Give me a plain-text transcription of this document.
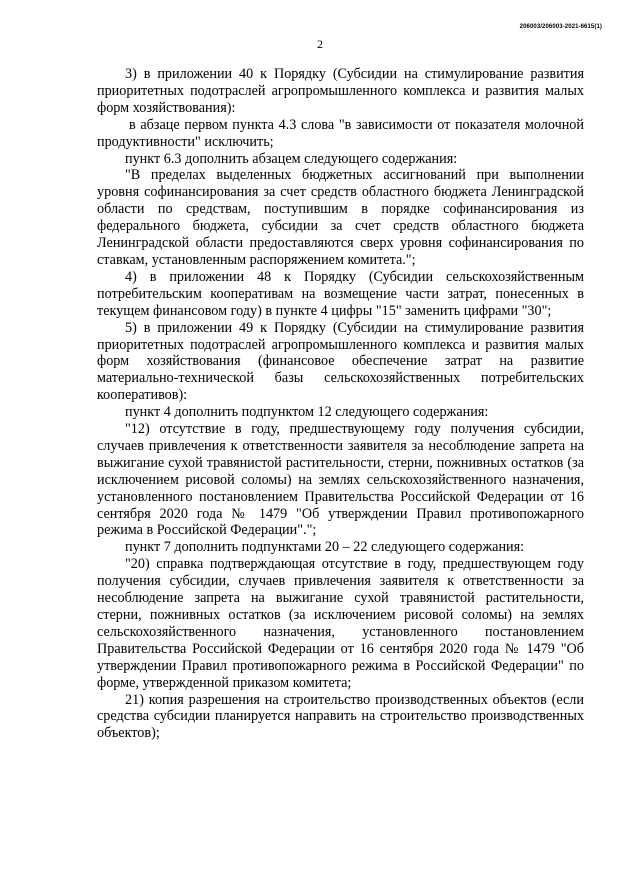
206003/206003-2021-6615(1)
2

3) в приложении 40 к Порядку (Субсидии на стимулирование развития приоритетных подотраслей агропромышленного комплекса и развития малых форм хозяйствования):

в абзаце первом пункта 4.3 слова "в зависимости от показателя молочной продуктивности" исключить;

пункт 6.3 дополнить абзацем следующего содержания:

"В пределах выделенных бюджетных ассигнований при выполнении уровня софинансирования за счет средств областного бюджета Ленинградской области по средствам, поступившим в порядке софинансирования из федерального бюджета, субсидии за счет средств областного бюджета Ленинградской области предоставляются сверх уровня софинансирования по ставкам, установленным распоряжением комитета.";

4) в приложении 48 к Порядку (Субсидии сельскохозяйственным потребительским кооперативам на возмещение части затрат, понесенных в текущем финансовом году) в пункте 4 цифры "15" заменить цифрами "30";

5) в приложении 49 к Порядку (Субсидии на стимулирование развития приоритетных подотраслей агропромышленного комплекса и развития малых форм хозяйствования (финансовое обеспечение затрат на развитие материально-технической базы сельскохозяйственных потребительских кооперативов):

пункт 4 дополнить подпунктом 12 следующего содержания:

"12) отсутствие в году, предшествующему году получения субсидии, случаев привлечения к ответственности заявителя за несоблюдение запрета на выжигание сухой травянистой растительности, стерни, пожнивных остатков (за исключением рисовой соломы) на землях сельскохозяйственного назначения, установленного постановлением Правительства Российской Федерации от 16 сентября 2020 года № 1479 "Об утверждении Правил противопожарного режима в Российской Федерации".";

пункт 7 дополнить подпунктами 20 – 22 следующего содержания:

"20) справка подтверждающая отсутствие в году, предшествующем году получения субсидии, случаев привлечения заявителя к ответственности за несоблюдение запрета на выжигание сухой травянистой растительности, стерни, пожнивных остатков (за исключением рисовой соломы) на землях сельскохозяйственного назначения, установленного постановлением Правительства Российской Федерации от 16 сентября 2020 года № 1479 "Об утверждении Правил противопожарного режима в Российской Федерации" по форме, утвержденной приказом комитета;

21) копия разрешения на строительство производственных объектов (если средства субсидии планируется направить на строительство производственных объектов);
